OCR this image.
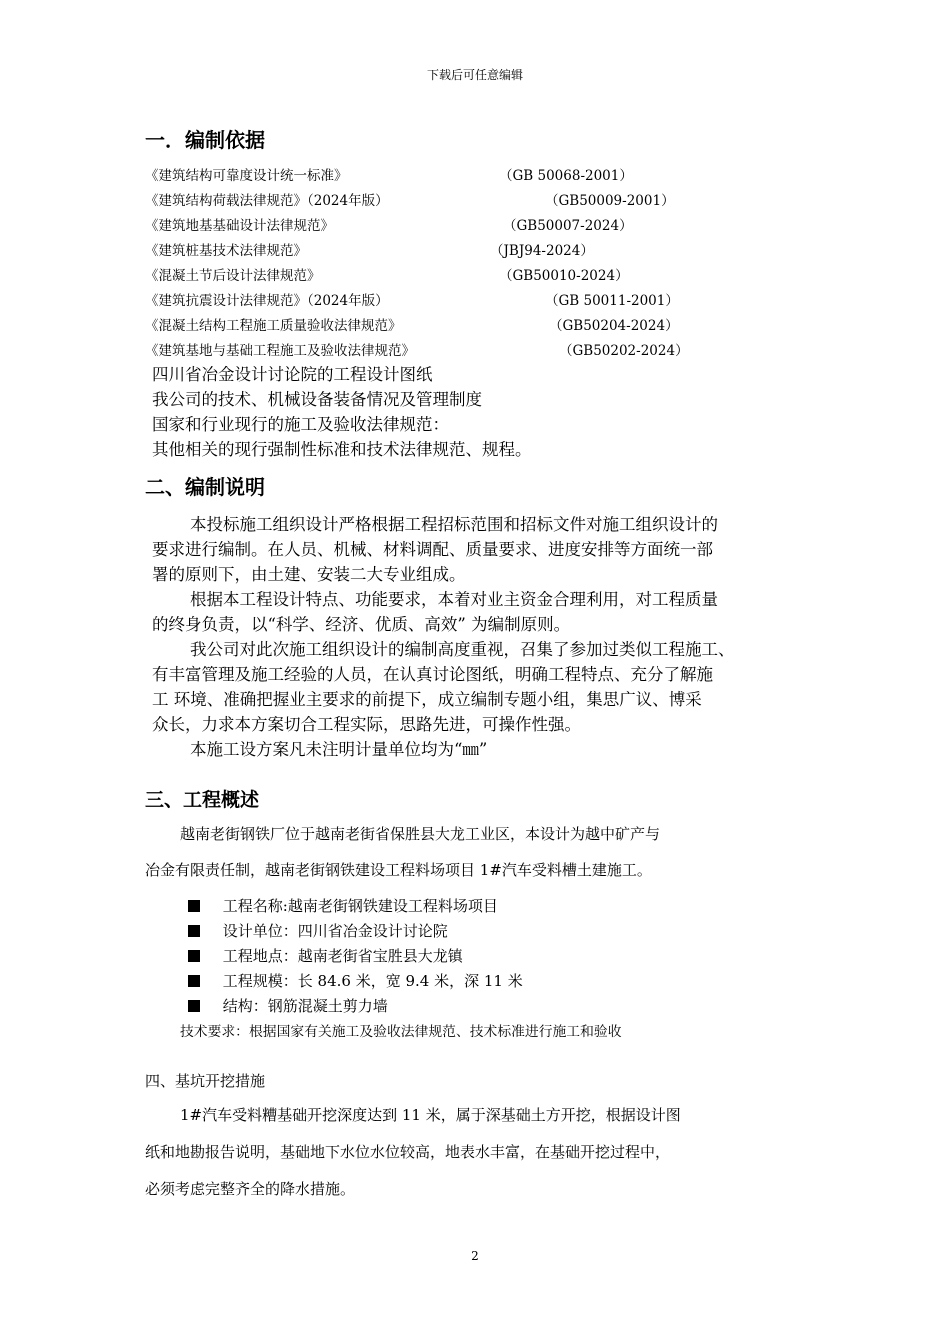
下载后可任意编辑
一．编制依据
《建筑结构可靠度设计统一标准》	（GB 50068-2001）
《建筑结构荷载法律规范》（2024年版）	（GB50009-2001）
《建筑地基基础设计法律规范》	（GB50007-2024）
《建筑桩基技术法律规范》	（JBJ94-2024）
《混凝土节后设计法律规范》	（GB50010-2024）
《建筑抗震设计法律规范》（2024年版）	（GB 50011-2001）
《混凝土结构工程施工质量验收法律规范》	（GB50204-2024）
《建筑基地与基础工程施工及验收法律规范》	（GB50202-2024）
四川省冶金设计讨论院的工程设计图纸
我公司的技术、机械设备装备情况及管理制度
国家和行业现行的施工及验收法律规范：
其他相关的现行强制性标准和技术法律规范、规程。
二、编制说明
本投标施工组织设计严格根据工程招标范围和招标文件对施工组织设计的
要求进行编制。在人员、机械、材料调配、质量要求、进度安排等方面统一部
署的原则下，由土建、安装二大专业组成。
根据本工程设计特点、功能要求，本着对业主资金合理利用，对工程质量
的终身负责，以“科学、经济、优质、高效” 为编制原则。
我公司对此次施工组织设计的编制高度重视，召集了参加过类似工程施工、
有丰富管理及施工经验的人员，在认真讨论图纸，明确工程特点、充分了解施
工 环境、准确把握业主要求的前提下，成立编制专题小组，集思广议、博采
众长，力求本方案切合工程实际，思路先进，可操作性强。
本施工设方案凡未注明计量单位均为“㎜”
三、工程概述
越南老街钢铁厂位于越南老街省保胜县大龙工业区，本设计为越中矿产与
冶金有限责任制，越南老街钢铁建设工程料场项目 1#汽车受料槽土建施工。
工程名称:越南老街钢铁建设工程料场项目
设计单位：四川省冶金设计讨论院
工程地点：越南老街省宝胜县大龙镇
工程规模：长 84.6 米，宽 9.4 米，深 11 米
结构：钢筋混凝土剪力墙
技术要求：根据国家有关施工及验收法律规范、技术标准进行施工和验收
四、基坑开挖措施
1#汽车受料糟基础开挖深度达到 11 米，属于深基础土方开挖，根据设计图
纸和地勘报告说明，基础地下水位水位较高，地表水丰富，在基础开挖过程中，
必须考虑完整齐全的降水措施。
2
